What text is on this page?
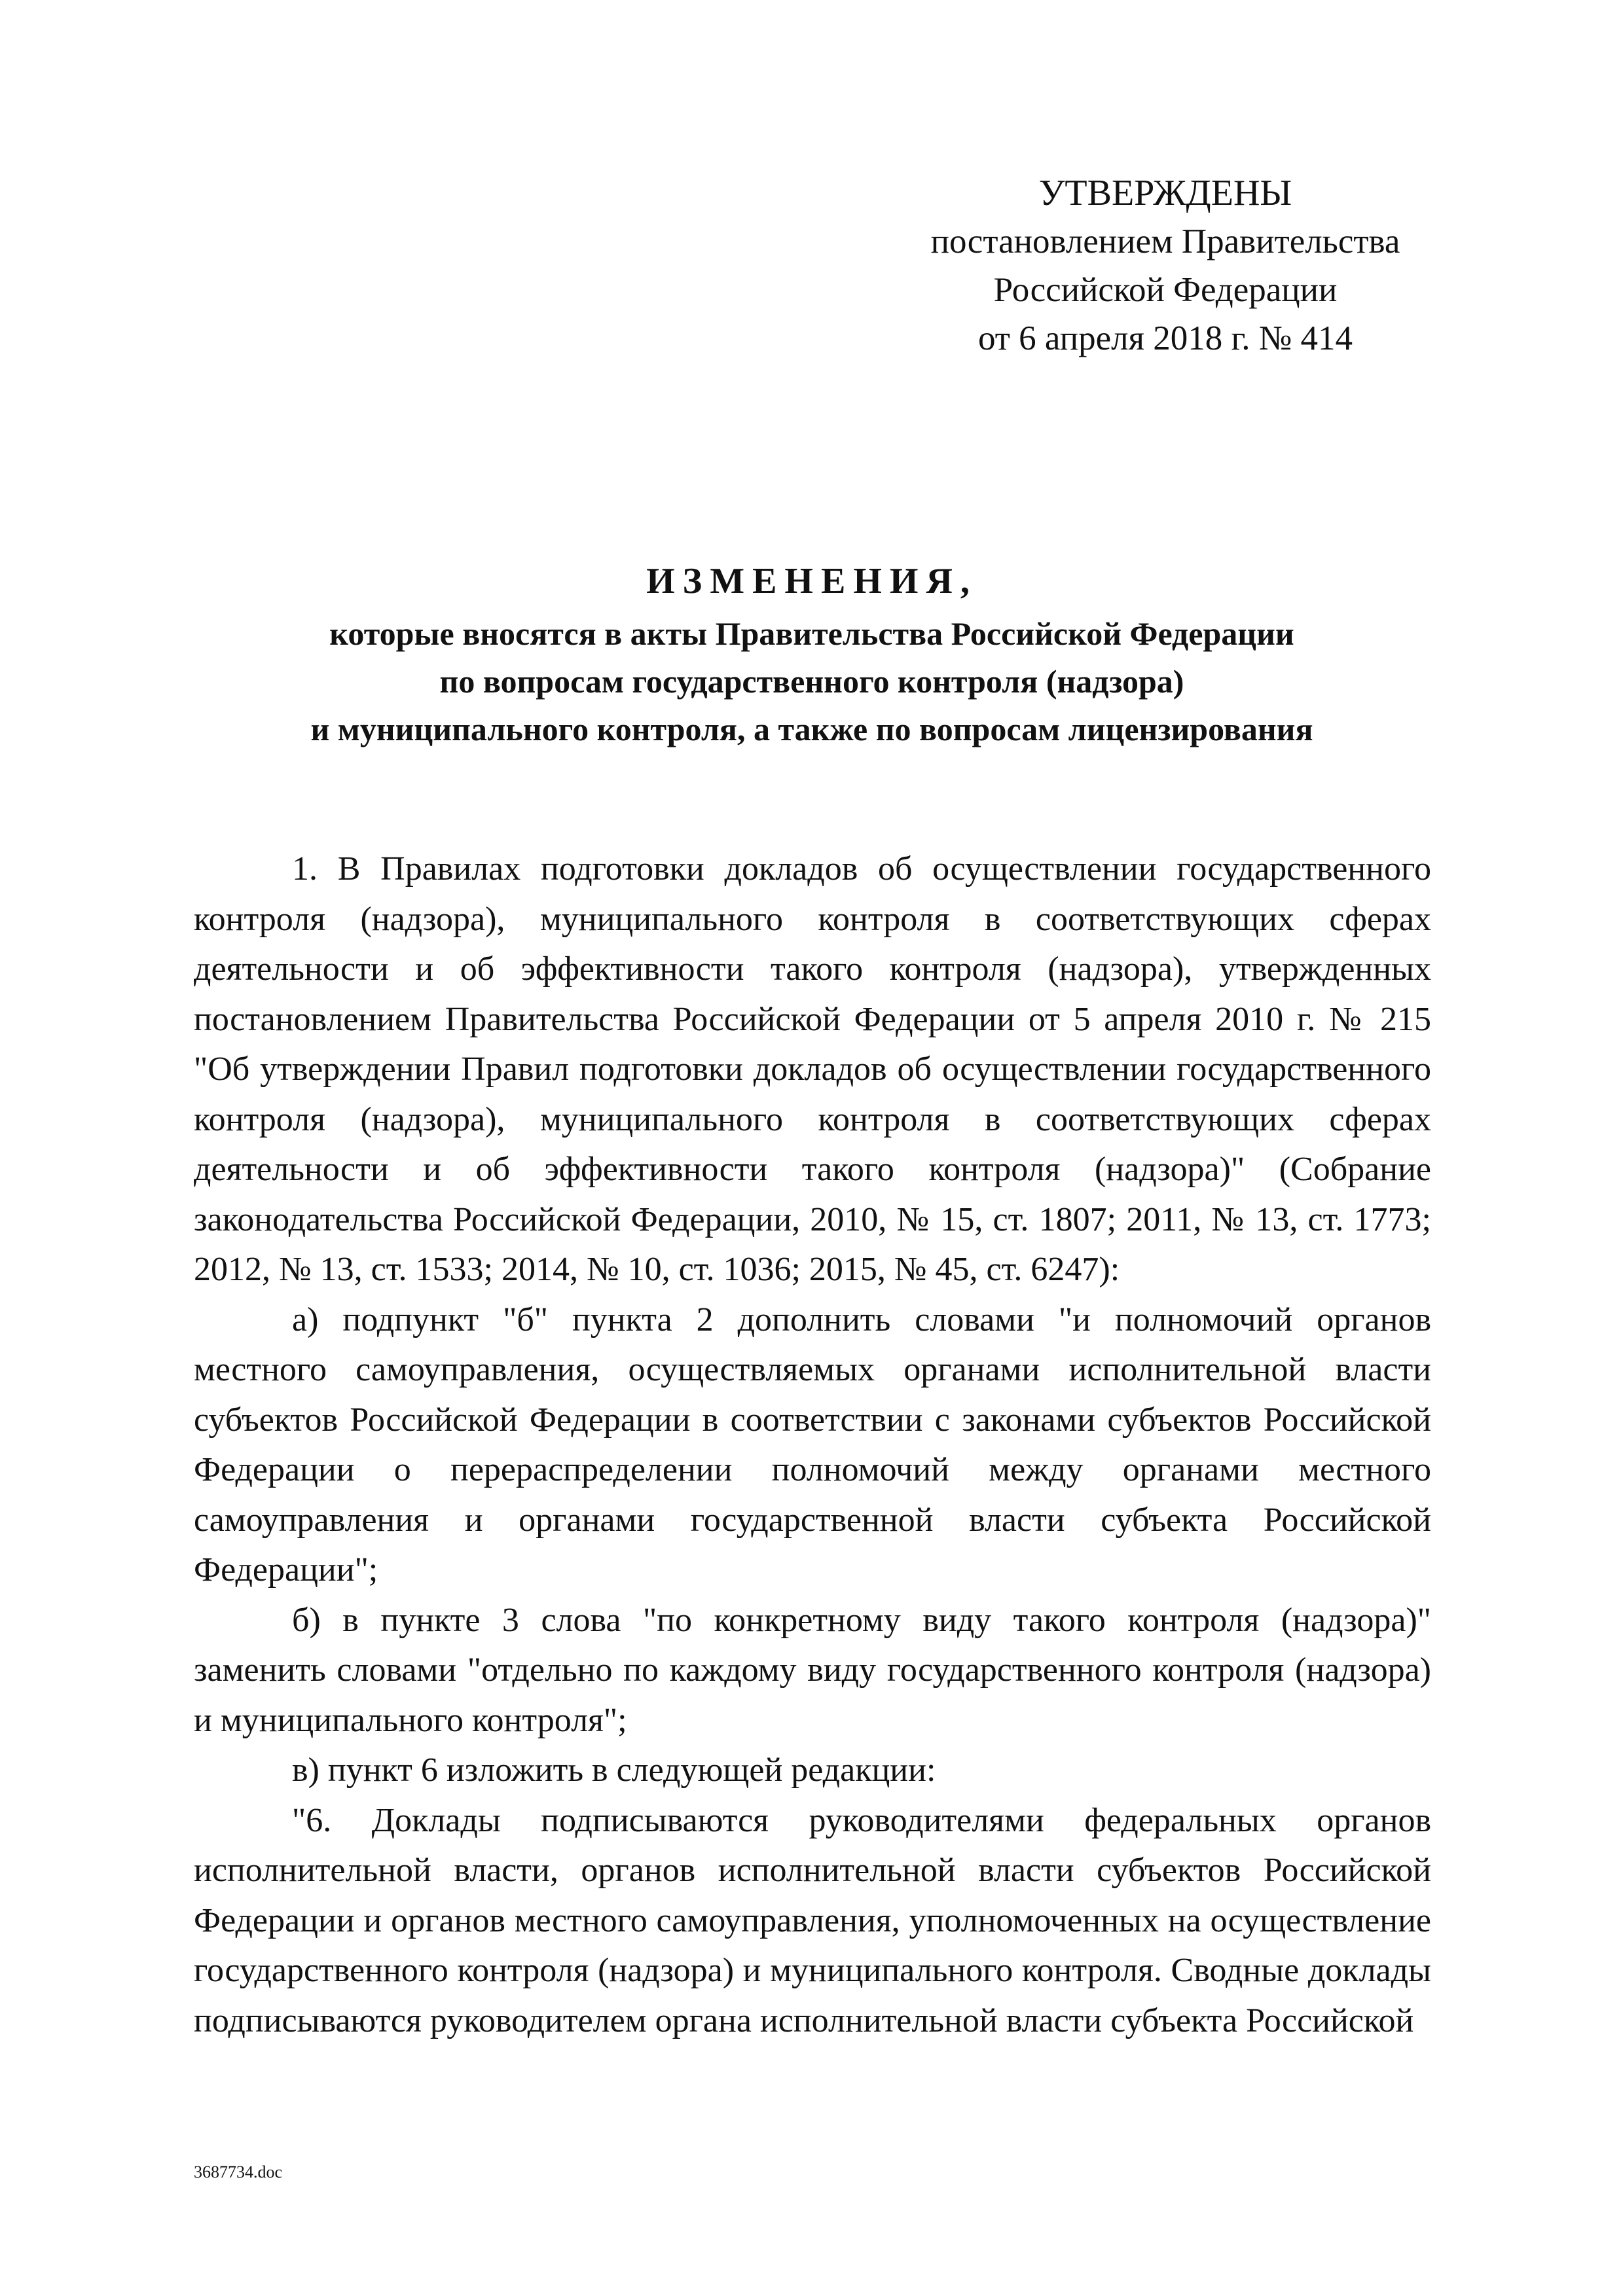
УТВЕРЖДЕНЫ
постановлением Правительства
Российской Федерации
от 6 апреля 2018 г. № 414
ИЗМЕНЕНИЯ,
которые вносятся в акты Правительства Российской Федерации
по вопросам государственного контроля (надзора)
и муниципального контроля, а также по вопросам лицензирования

1. В Правилах подготовки докладов об осуществлении государственного контроля (надзора), муниципального контроля в соответствующих сферах деятельности и об эффективности такого контроля (надзора), утвержденных постановлением Правительства Российской Федерации от 5 апреля 2010 г. № 215 "Об утверждении Правил подготовки докладов об осуществлении государственного контроля (надзора), муниципального контроля в соответствующих сферах деятельности и об эффективности такого контроля (надзора)" (Собрание законодательства Российской Федерации, 2010, № 15, ст. 1807; 2011, № 13, ст. 1773; 2012, № 13, ст. 1533; 2014, № 10, ст. 1036; 2015, № 45, ст. 6247):

а) подпункт "б" пункта 2 дополнить словами "и полномочий органов местного самоуправления, осуществляемых органами исполнительной власти субъектов Российской Федерации в соответствии с законами субъектов Российской Федерации о перераспределении полномочий между органами местного самоуправления и органами государственной власти субъекта Российской Федерации";

б) в пункте 3 слова "по конкретному виду такого контроля (надзора)" заменить словами "отдельно по каждому виду государственного контроля (надзора) и муниципального контроля";

в) пункт 6 изложить в следующей редакции:

"6. Доклады подписываются руководителями федеральных органов исполнительной власти, органов исполнительной власти субъектов Российской Федерации и органов местного самоуправления, уполномоченных на осуществление государственного контроля (надзора) и муниципального контроля. Сводные доклады подписываются руководителем органа исполнительной власти субъекта Российской

3687734.doc
